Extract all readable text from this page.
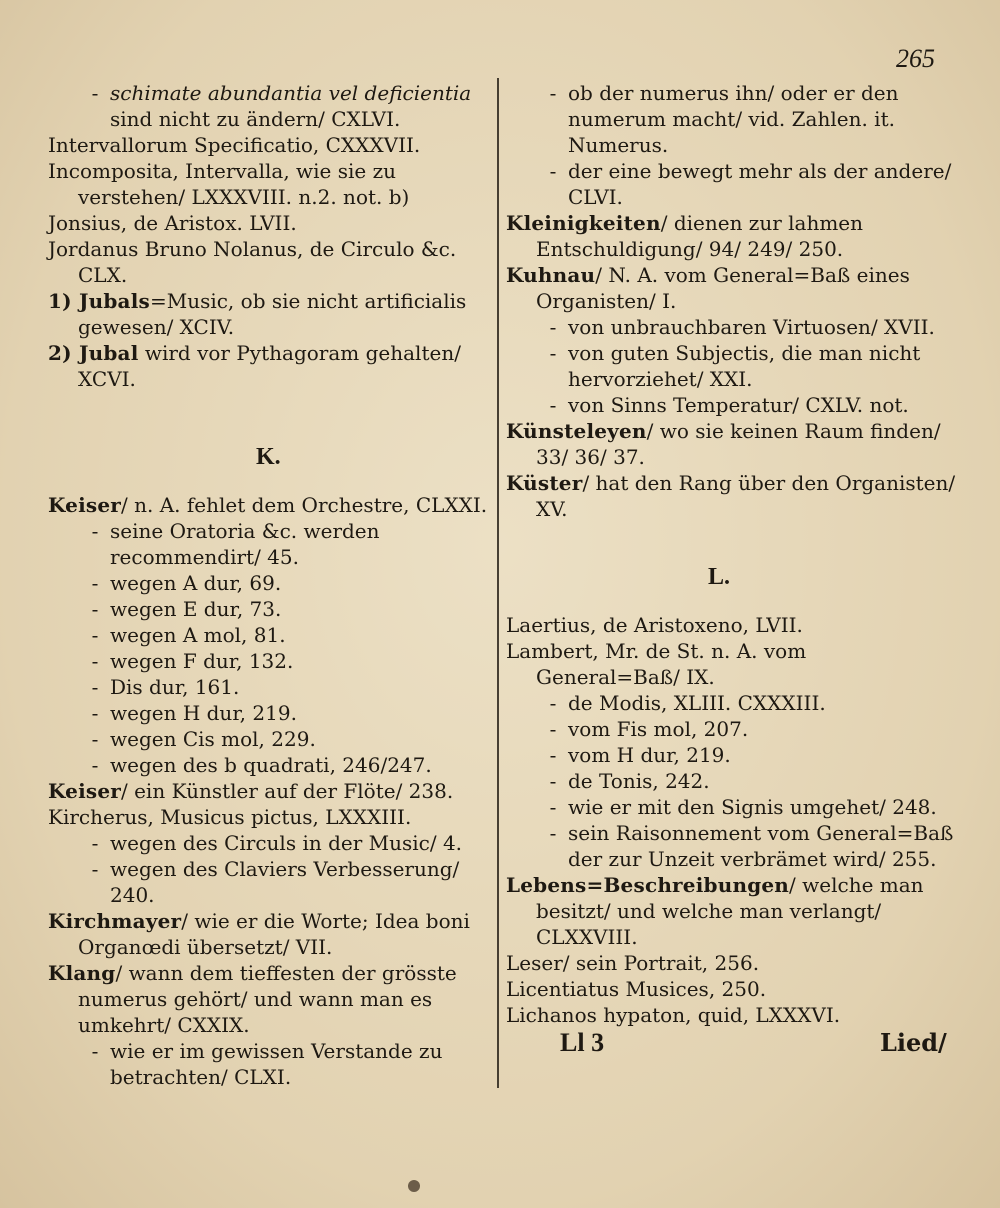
265

- schimate abundantia vel deficientia sind nicht zu ändern/ CXLVI.

Intervallorum Specificatio, CXXXVII.

Incomposita, Intervalla, wie sie zu verstehen/ LXXXVIII. n.2. not. b)

Jonsius, de Aristox. LVII.

Jordanus Bruno Nolanus, de Circulo &c. CLX.

1) Jubals=Music, ob sie nicht artificialis gewesen/ XCIV.

2) Jubal wird vor Pythagoram gehalten/ XCVI.

K.

Keiser/ n. A. fehlet dem Orchestre, CLXXI.

- seine Oratoria &c. werden recommendirt/ 45.

- wegen A dur, 69.

- wegen E dur, 73.

- wegen A mol, 81.

- wegen F dur, 132.

- Dis dur, 161.

- wegen H dur, 219.

- wegen Cis mol, 229.

- wegen des b quadrati, 246/247.

Keiser/ ein Künstler auf der Flöte/ 238.

Kircherus, Musicus pictus, LXXXIII.

- wegen des Circuls in der Music/ 4.

- wegen des Claviers Verbesserung/ 240.

Kirchmayer/ wie er die Worte; Idea boni Organœdi übersetzt/ VII.

Klang/ wann dem tieffesten der grösste numerus gehört/ und wann man es umkehrt/ CXXIX.

- wie er im gewissen Verstande zu betrachten/ CLXI.

- ob der numerus ihn/ oder er den numerum macht/ vid. Zahlen. it. Numerus.

- der eine bewegt mehr als der andere/ CLVI.

Kleinigkeiten/ dienen zur lahmen Entschuldigung/ 94/ 249/ 250.

Kuhnau/ N. A. vom General=Baß eines Organisten/ I.

- von unbrauchbaren Virtuosen/ XVII.

- von guten Subjectis, die man nicht hervorziehet/ XXI.

- von Sinns Temperatur/ CXLV. not.

Künsteleyen/ wo sie keinen Raum finden/ 33/ 36/ 37.

Küster/ hat den Rang über den Organisten/ XV.

L.

Laertius, de Aristoxeno, LVII.

Lambert, Mr. de St. n. A. vom General=Baß/ IX.

- de Modis, XLIII. CXXXIII.

- vom Fis mol, 207.

- vom H dur, 219.

- de Tonis, 242.

- wie er mit den Signis umgehet/ 248.

- sein Raisonnement vom General=Baß der zur Unzeit verbrämet wird/ 255.

Lebens=Beschreibungen/ welche man besitzt/ und welche man verlangt/ CLXXVIII.

Leser/ sein Portrait, 256.

Licentiatus Musices, 250.

Lichanos hypaton, quid, LXXXVI.

Ll 3	Lied/
